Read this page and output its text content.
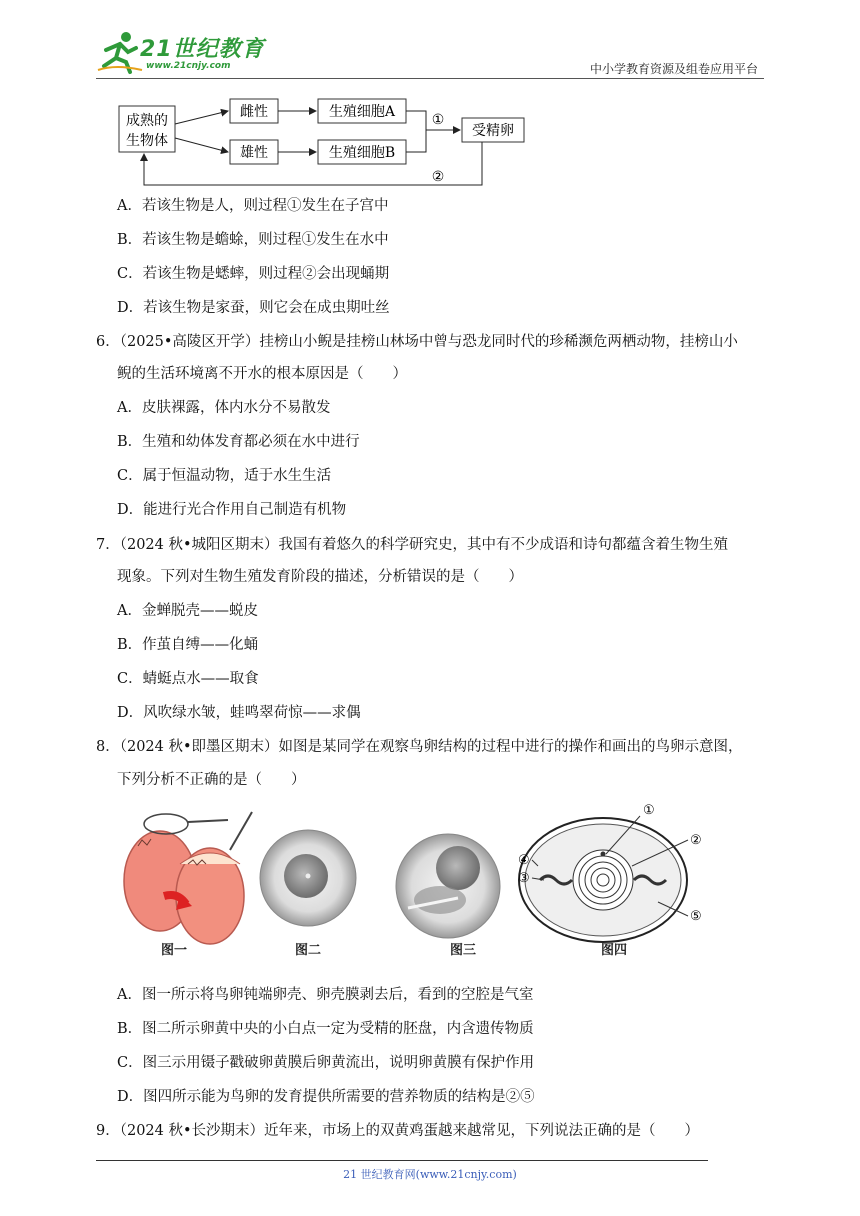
21世纪教育
www.21cnjy.com	中小学教育资源及组卷应用平台
成熟的
生物体
雌性
雄性
生殖细胞A
生殖细胞B
受精卵
①
②
A．若该生物是人，则过程①发生在子宫中
B．若该生物是蟾蜍，则过程①发生在水中
C．若该生物是蟋蟀，则过程②会出现蛹期
D．若该生物是家蚕，则它会在成虫期吐丝
6．（2025•高陵区开学）挂榜山小鲵是挂榜山林场中曾与恐龙同时代的珍稀濒危两栖动物，挂榜山小
鲵的生活环境离不开水的根本原因是（　　）
A．皮肤裸露，体内水分不易散发
B．生殖和幼体发育都必须在水中进行
C．属于恒温动物，适于水生生活
D．能进行光合作用自己制造有机物
7．（2024 秋•城阳区期末）我国有着悠久的科学研究史，其中有不少成语和诗句都蕴含着生物生殖
现象。下列对生物生殖发育阶段的描述，分析错误的是（　　）
A．金蝉脱壳——蜕皮
B．作茧自缚——化蛹
C．蜻蜓点水——取食
D．风吹绿水皱，蛙鸣翠荷惊——求偶
8．（2024 秋•即墨区期末）如图是某同学在观察鸟卵结构的过程中进行的操作和画出的鸟卵示意图，
下列分析不正确的是（　　）
图一	图二	图三
①
②
③
④
⑤
图四
A．图一所示将鸟卵钝端卵壳、卵壳膜剥去后，看到的空腔是气室
B．图二所示卵黄中央的小白点一定为受精的胚盘，内含遗传物质
C．图三示用镊子戳破卵黄膜后卵黄流出，说明卵黄膜有保护作用
D．图四所示能为鸟卵的发育提供所需要的营养物质的结构是②⑤
9．（2024 秋•长沙期末）近年来，市场上的双黄鸡蛋越来越常见，下列说法正确的是（　　）
21 世纪教育网(www.21cnjy.com)
